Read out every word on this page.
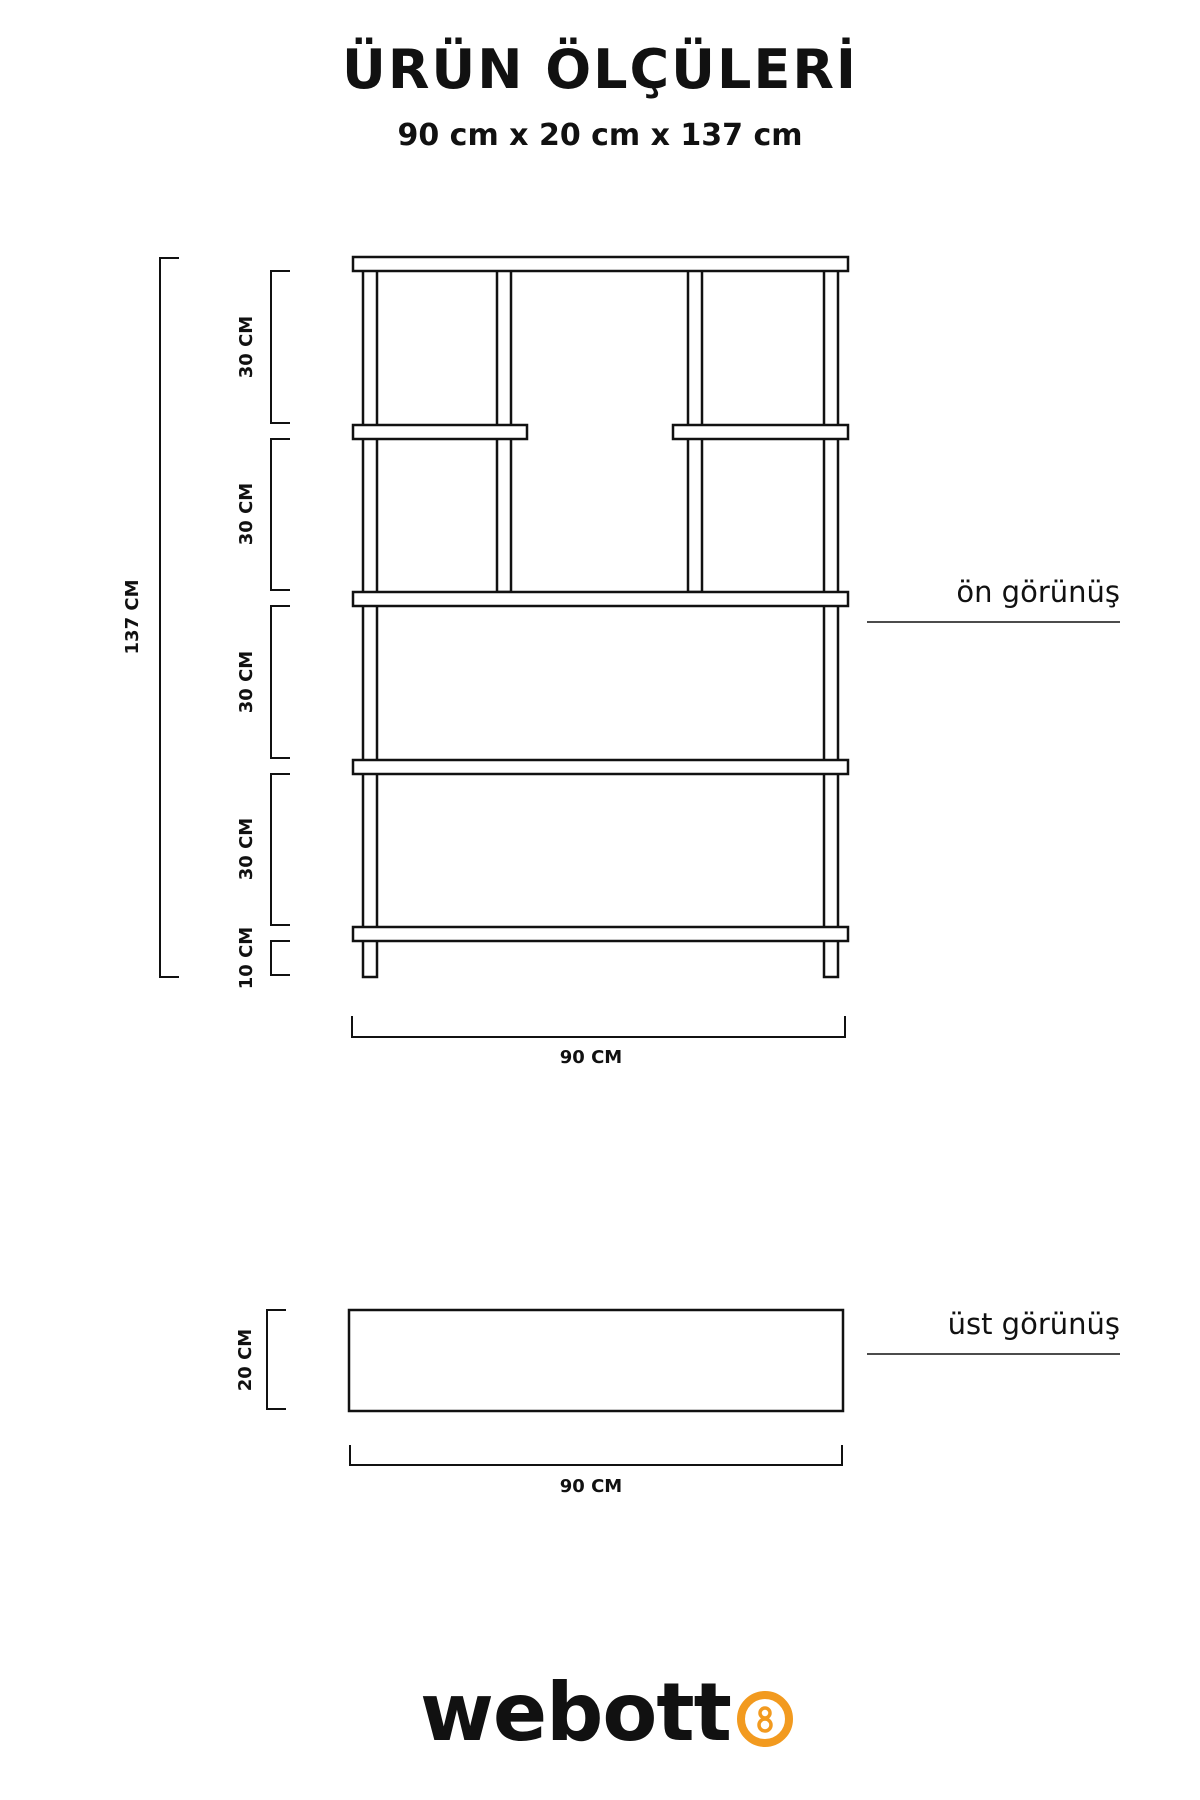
ÜRÜN ÖLÇÜLERİ
90 cm x 20 cm x 137 cm
137 CM
30 CM
30 CM
30 CM
30 CM
10 CM
90 CM
ön görünüş
20 CM
90 CM
üst görünüş
webott
